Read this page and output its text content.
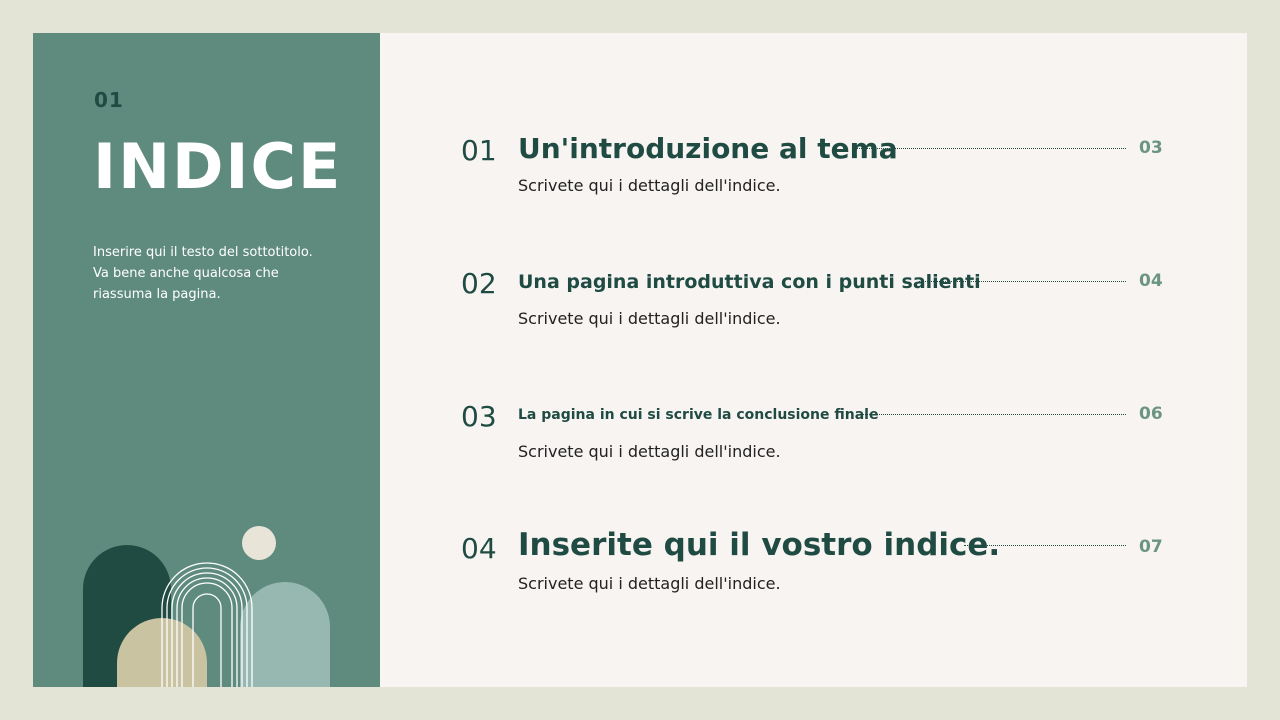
01
INDICE
Inserire qui il testo del sottotitolo.
Va bene anche qualcosa che
riassuma la pagina.
01 Un'introduzione al tema	03
Scrivete qui i dettagli dell'indice.
02 Una pagina introduttiva con i punti salienti	04
Scrivete qui i dettagli dell'indice.
03 La pagina in cui si scrive la conclusione finale	06
Scrivete qui i dettagli dell'indice.
04 Inserite qui il vostro indice.	07
Scrivete qui i dettagli dell'indice.
